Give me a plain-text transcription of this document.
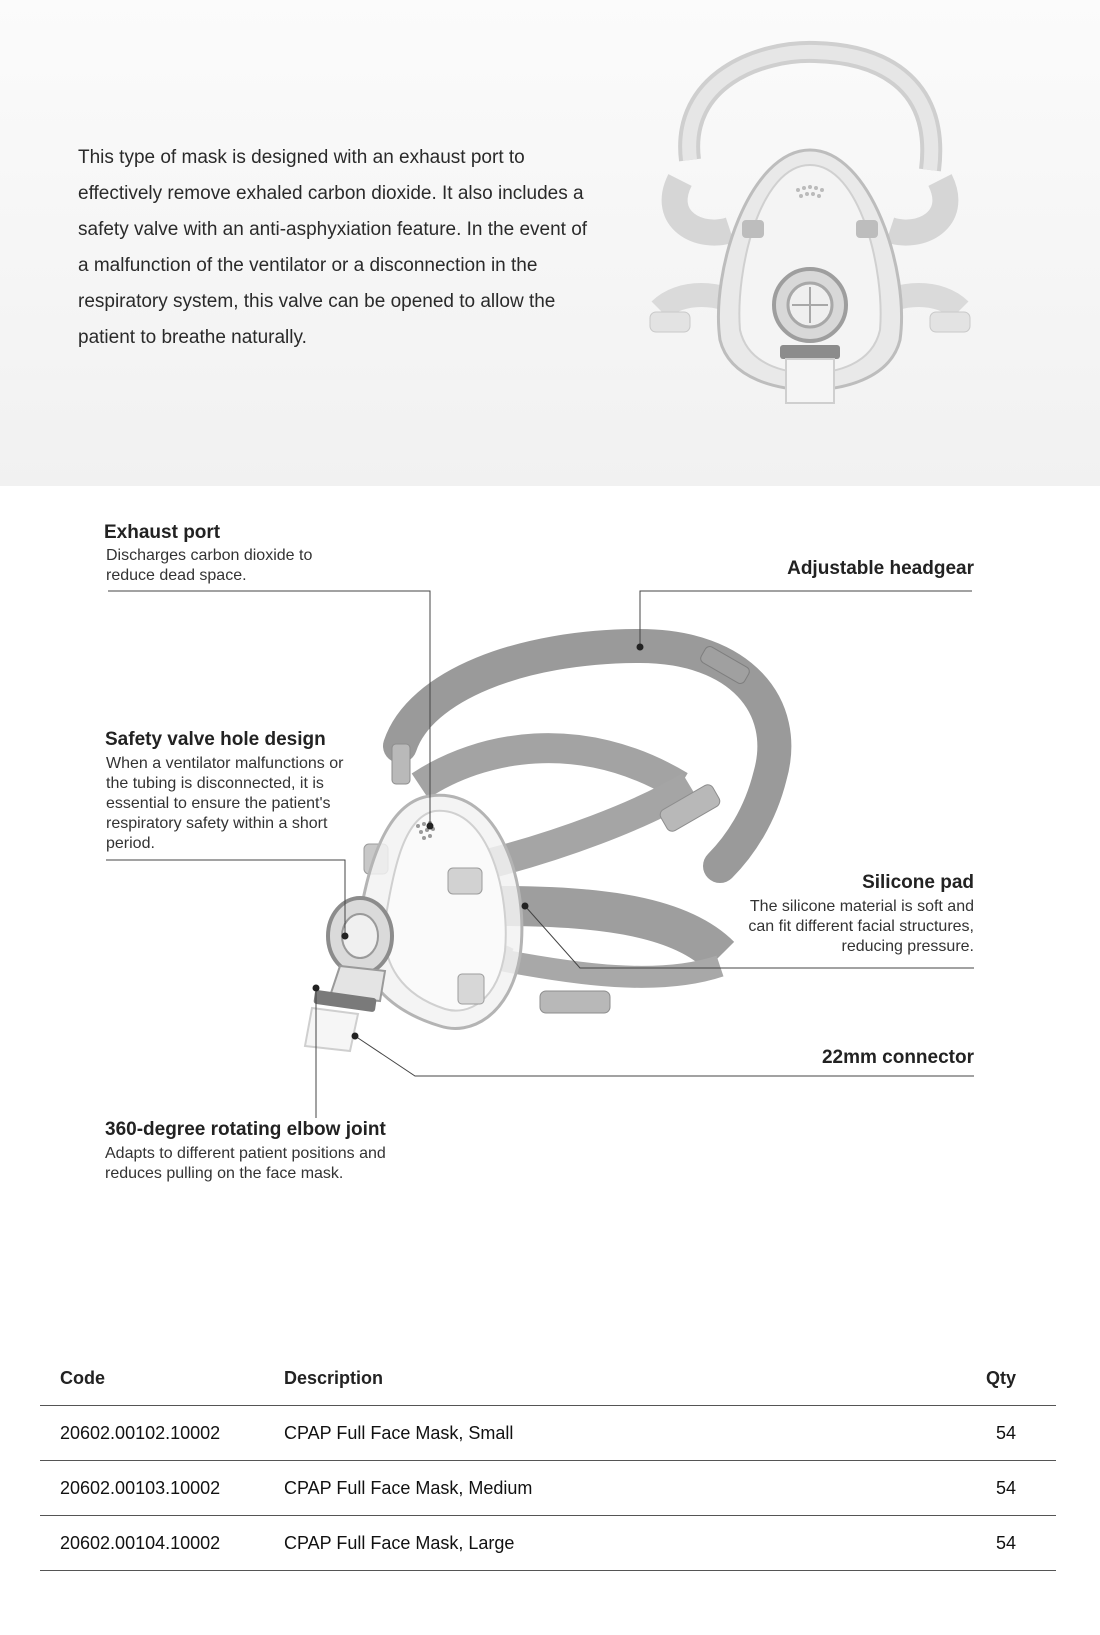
This type of mask is designed with an exhaust port to effectively remove exhaled carbon dioxide. It also includes a safety valve with an anti-asphyxiation feature. In the event of a malfunction of the ventilator or a disconnection in the respiratory system, this valve can be opened to allow the patient to breathe naturally.

Exhaust port
Discharges carbon dioxide to reduce dead space.	Adjustable headgear
Safety valve hole design
When a ventilator malfunctions or the tubing is disconnected, it is essential to ensure the patient's respiratory safety within a short period.
Silicone pad
The silicone material is soft and can fit different facial structures, reducing pressure.
22mm connector
360-degree rotating elbow joint
Adapts to different patient positions and reduces pulling on the face mask.
Code	Description	Qty
20602.00102.10002	CPAP Full Face Mask, Small	54
20602.00103.10002	CPAP Full Face Mask, Medium	54
20602.00104.10002	CPAP Full Face Mask, Large	54
